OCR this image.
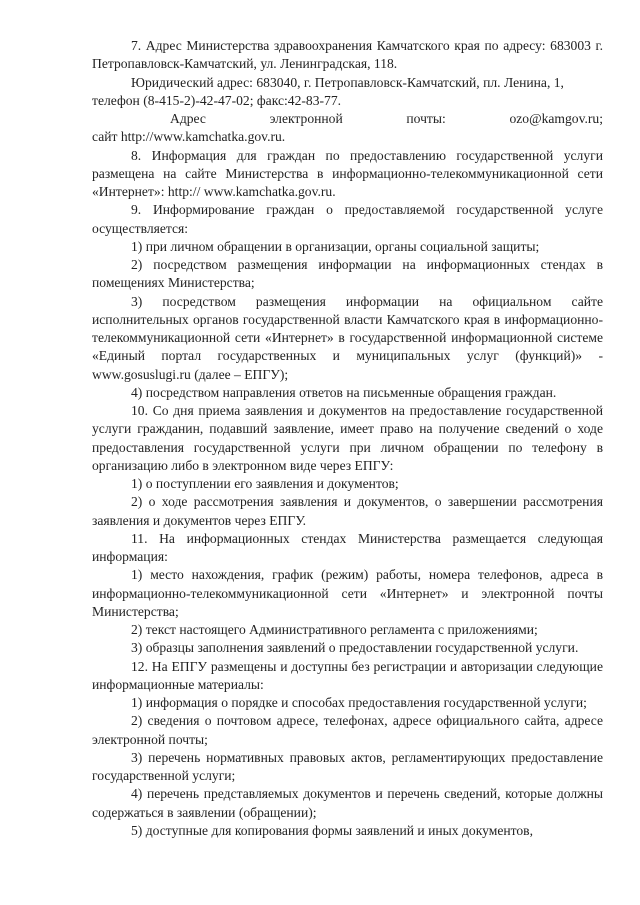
7. Адрес Министерства здравоохранения Камчатского края по адресу: 683003 г. Петропавловск-Камчатский, ул. Ленинградская, 118.

Юридический адрес: 683040, г. Петропавловск-Камчатский, пл. Ленина, 1,

телефон (8-415-2)-42-47-02; факс:42-83-77.

Адрес	электронной	почты:	ozo@kamgov.ru;

сайт http://www.kamchatka.gov.ru.

8. Информация для граждан по предоставлению государственной услуги размещена на сайте Министерства в информационно-телекоммуникационной сети «Интернет»: http:// www.kamchatka.gov.ru.

9. Информирование граждан о предоставляемой государственной услуге осуществляется:

1) при личном обращении в организации, органы социальной защиты;

2) посредством размещения информации на информационных стендах в помещениях Министерства;

3) посредством размещения информации на официальном сайте исполнительных органов государственной власти Камчатского края в информационно-телекоммуникационной сети «Интернет» в государственной информационной системе «Единый портал государственных и муниципальных услуг (функций)» - www.gosuslugi.ru (далее – ЕПГУ);

4) посредством направления ответов на письменные обращения граждан.

10. Со дня приема заявления и документов на предоставление государственной услуги гражданин, подавший заявление, имеет право на получение сведений о ходе предоставления государственной услуги при личном обращении по телефону в организацию либо в электронном виде через ЕПГУ:

1) о поступлении его заявления и документов;

2) о ходе рассмотрения заявления и документов, о завершении рассмотрения заявления и документов через ЕПГУ.

11. На информационных стендах Министерства размещается следующая информация:

1) место нахождения, график (режим) работы, номера телефонов, адреса в информационно-телекоммуникационной сети «Интернет» и электронной почты Министерства;

2) текст настоящего Административного регламента с приложениями;

3) образцы заполнения заявлений о предоставлении государственной услуги.

12. На ЕПГУ размещены и доступны без регистрации и авторизации следующие информационные материалы:

1) информация о порядке и способах предоставления государственной услуги;

2) сведения о почтовом адресе, телефонах, адресе официального сайта, адресе электронной почты;

3) перечень нормативных правовых актов, регламентирующих предоставление государственной услуги;

4) перечень представляемых документов и перечень сведений, которые должны содержаться в заявлении (обращении);

5) доступные для копирования формы заявлений и иных документов,
